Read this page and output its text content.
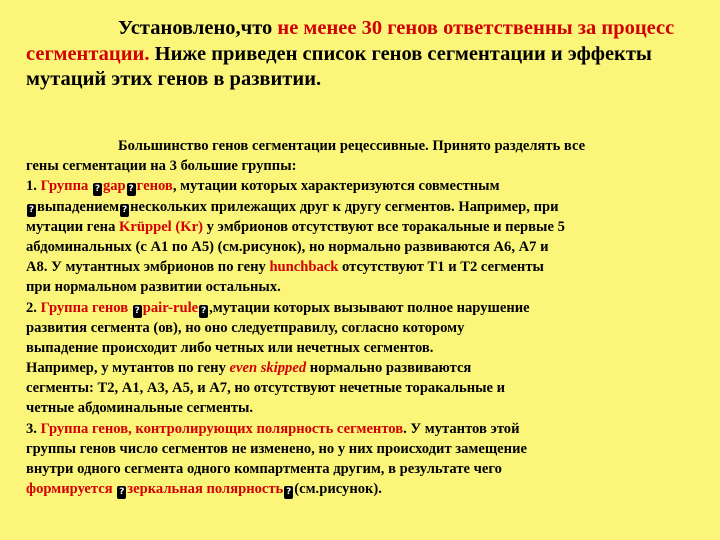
Установлено,что не менее 30 генов ответственны за процесс сегментации. Ниже приведен список генов сегментации и эффекты мутаций этих генов в развитии.
Большинство генов сегментации рецессивные. Принято разделять все
гены сегментации на 3 большие группы:
1. Группа ? gap ? генов, мутации которых характеризуются совместным
? выпадением ? нескольких прилежащих друг к другу сегментов. Например, при
мутации гена Krüppel (Kr) у эмбрионов отсутствуют все торакальные и первые 5
абдоминальных (с А1 по А5) (см.рисунок), но нормально развиваются А6, А7 и
А8. У мутантных эмбрионов по гену hunchback отсутствуют Т1 и Т2 сегменты
при нормальном развитии остальных.
2. Группа генов ? pair-rule ? ,мутации которых вызывают полное нарушение
развития сегмента (ов), но оно следуетправилу, согласно которому
выпадение происходит либо четных или нечетных сегментов.
Например, у мутантов по гену even skipped нормально развиваются
сегменты: Т2, А1, А3, А5, и А7, но отсутствуют нечетные торакальные и
четные абдоминальные сегменты.
3. Группа генов, контролирующих полярность сегментов. У мутантов этой
группы генов число сегментов не изменено, но у них происходит замещение
внутри одного сегмента одного компартмента другим, в результате чего
формируется ? зеркальная полярность ? (см.рисунок).
